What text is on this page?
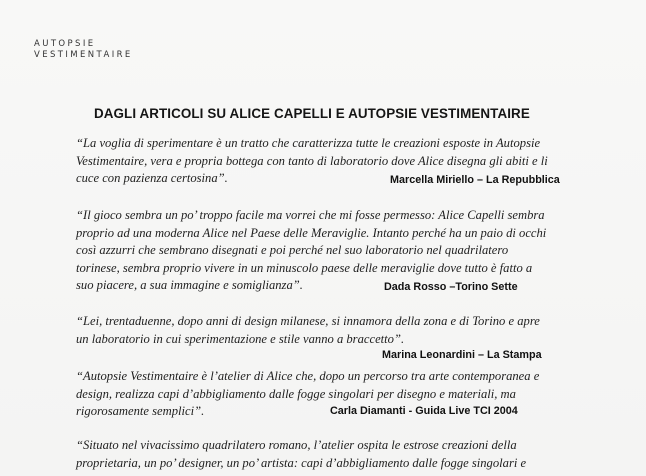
AUTOPSIE
VESTIMENTAIRE
DAGLI ARTICOLI SU ALICE CAPELLI E AUTOPSIE VESTIMENTAIRE
“La voglia di sperimentare è un tratto che caratterizza tutte le creazioni esposte in Autopsie
Vestimentaire, vera e propria bottega con tanto di laboratorio dove Alice disegna gli abiti e li
cuce con pazienza certosina”.	Marcella Miriello – La Repubblica
“Il gioco sembra un po’ troppo facile ma vorrei che mi fosse permesso: Alice Capelli sembra
proprio ad una moderna Alice nel Paese delle Meraviglie. Intanto perché ha un paio di occhi
così azzurri che sembrano disegnati e poi perché nel suo laboratorio nel quadrilatero
torinese, sembra proprio vivere in un minuscolo paese delle meraviglie dove tutto è fatto a
suo piacere, a sua immagine e somiglianza”.	Dada Rosso –Torino Sette
“Lei, trentaduenne, dopo anni di design milanese, si innamora della zona e di Torino e apre
un laboratorio in cui sperimentazione e stile vanno a braccetto”.
Marina Leonardini – La Stampa
“Autopsie Vestimentaire è l’atelier di Alice che, dopo un percorso tra arte contemporanea e
design, realizza capi d’abbigliamento dalle fogge singolari per disegno e materiali, ma
rigorosamente semplici”.	Carla Diamanti - Guida Live TCI 2004
“Situato nel vivacissimo quadrilatero romano, l’atelier ospita le estrose creazioni della
proprietaria, un po’ designer, un po’ artista: capi d’abbigliamento dalle fogge singolari e
